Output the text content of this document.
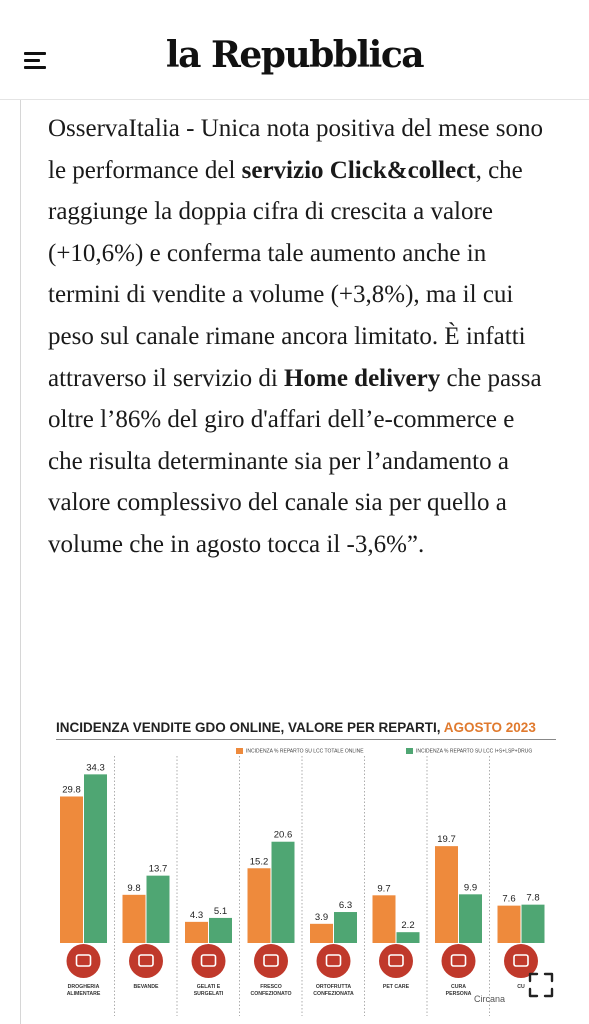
la Repubblica
OsservaItalia - Unica nota positiva del mese sono le performance del servizio Click&collect, che raggiunge la doppia cifra di crescita a valore (+10,6%) e conferma tale aumento anche in termini di vendite a volume (+3,8%), ma il cui peso sul canale rimane ancora limitato. È infatti attraverso il servizio di Home delivery che passa oltre l’86% del giro d'affari dell’e-commerce e che risulta determinante sia per l’andamento a valore complessivo del canale sia per quello a volume che in agosto tocca il -3,6%”.
INCIDENZA VENDITE GDO ONLINE, VALORE PER REPARTI, AGOSTO 2023
INCIDENZA % REPARTO SU LCC TOTALE ONLINE	INCIDENZA % REPARTO SU LCC I+S+LSP+DRUG
29.8
34.3
DROGHERIA
ALIMENTARE
9.8
13.7
BEVANDE
4.3 5.1
GELATI E
SURGELATI
15.2
20.6
FRESCO
CONFEZIONATO
3.9
6.3
ORTOFRUTTA
CONFEZIONATA
9.7
2.2
PET CARE
19.7
9.9
CURA
PERSONA
7.6 7.8
CU
Circana
